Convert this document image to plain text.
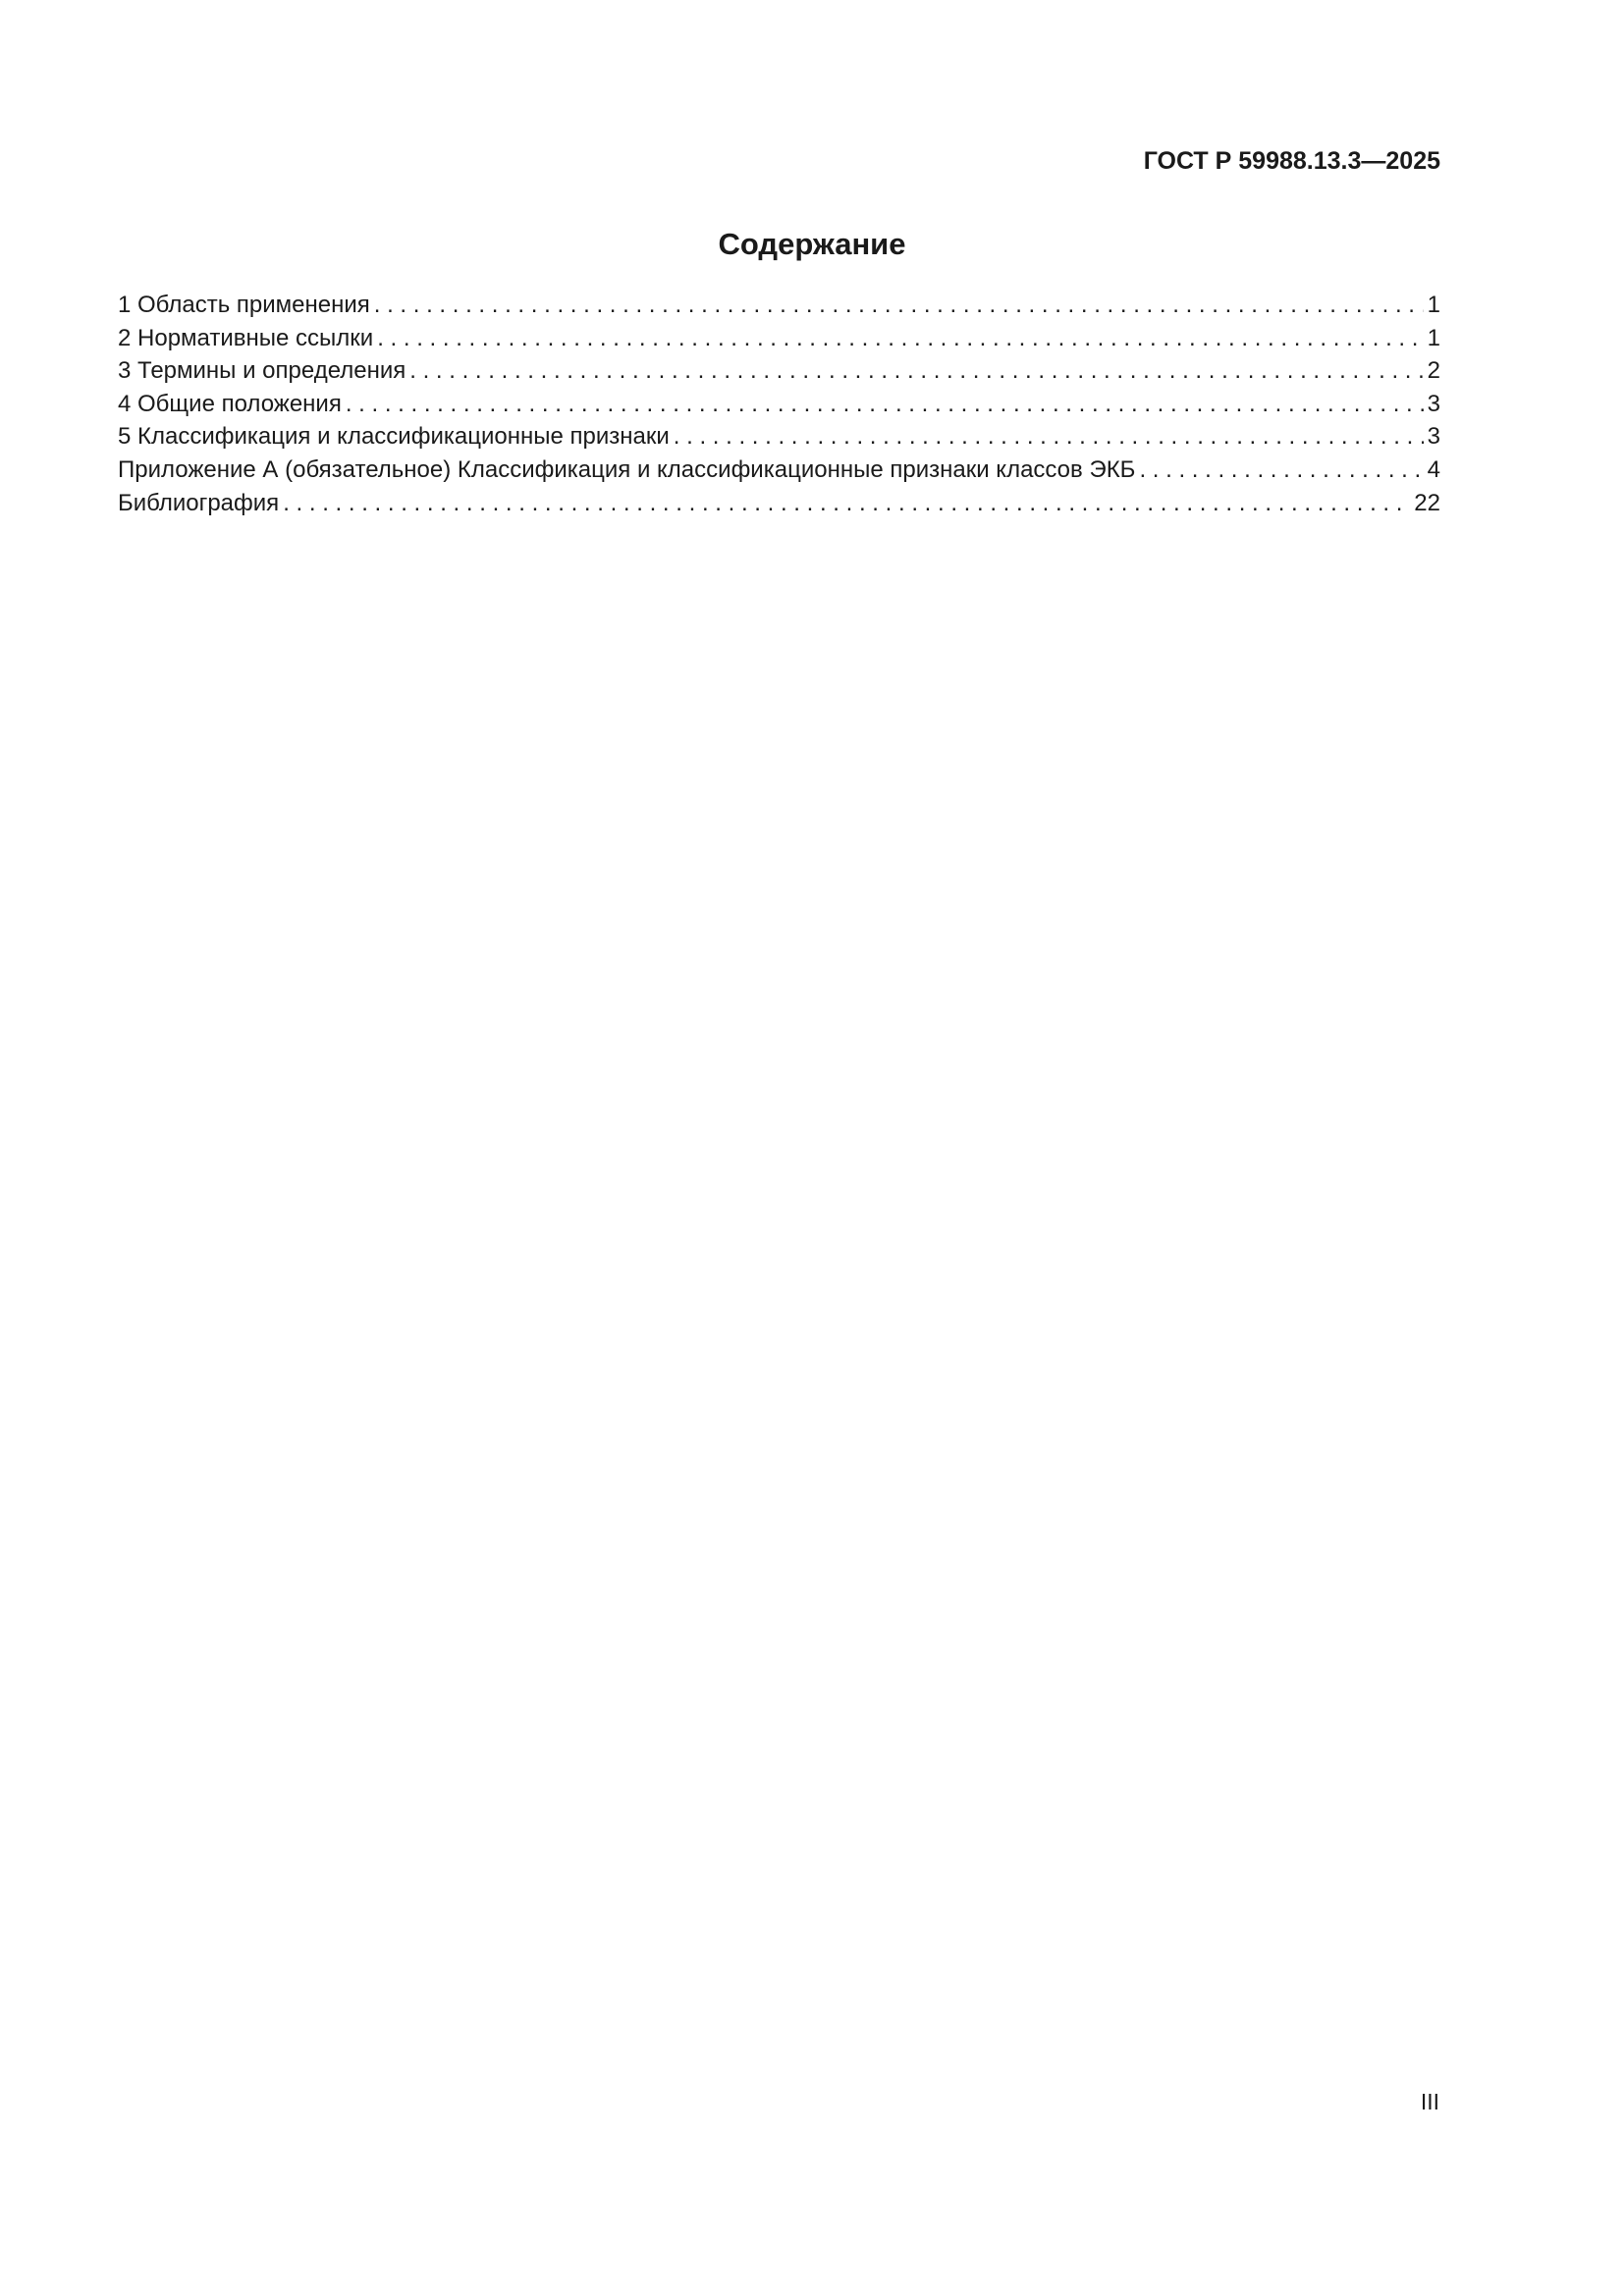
ГОСТ Р 59988.13.3—2025
Содержание
1 Область применения . . .	1
2 Нормативные ссылки . . .	1
3 Термины и определения . . .	2
4 Общие положения . . .	3
5 Классификация и классификационные признаки . . .	3
Приложение А (обязательное) Классификация и классификационные признаки классов ЭКБ . . .	4
Библиография . . .	22
III
